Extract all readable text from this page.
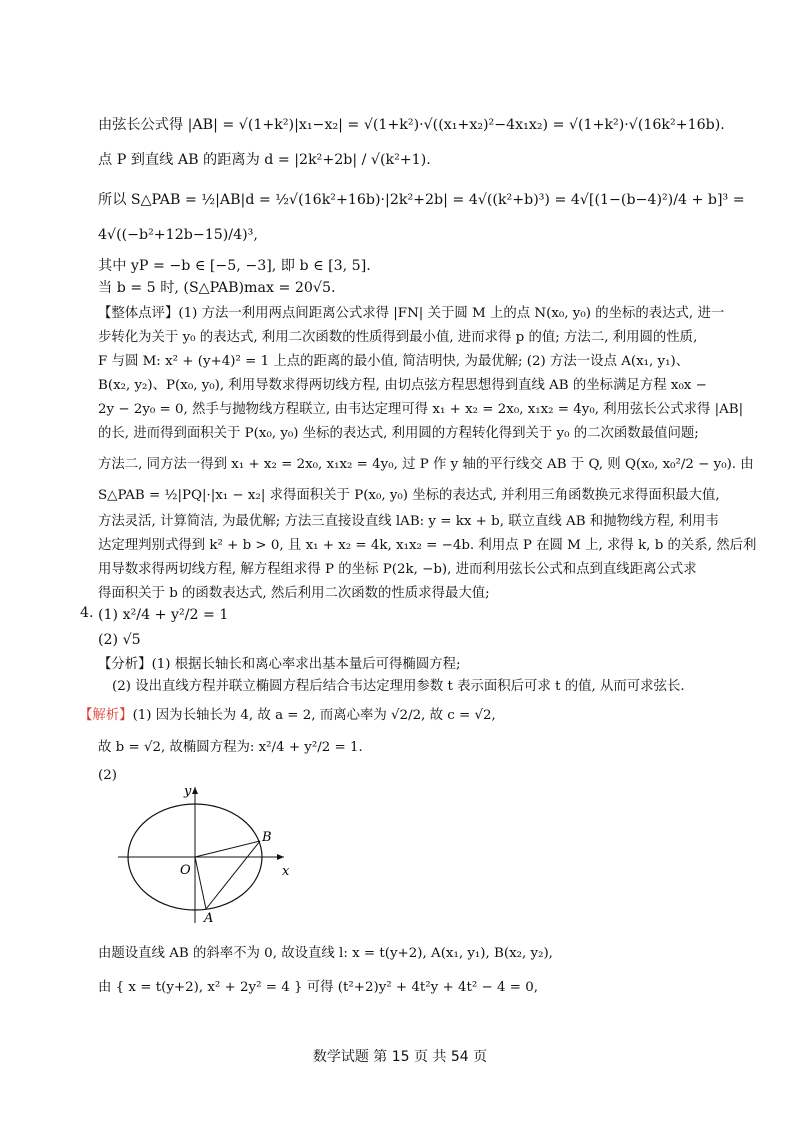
由弦长公式得 |AB| = √(1+k²)|x₁−x₂| = √(1+k²)·√((x₁+x₂)²−4x₁x₂) = √(1+k²)·√(16k²+16b).
点 P 到直线 AB 的距离为 d = |2k²+2b| / √(k²+1).
所以 S△PAB = ½|AB|d = ½√(16k²+16b)·|2k²+2b| = 4√((k²+b)³) = 4√[(1−(b−4)²)/4 + b]³ =
4√((−b²+12b−15)/4)³,
其中 yP = −b ∈ [−5, −3], 即 b ∈ [3, 5].
当 b = 5 时, (S△PAB)max = 20√5.
【整体点评】(1) 方法一利用两点间距离公式求得 |FN| 关于圆 M 上的点 N(x₀, y₀) 的坐标的表达式, 进一
步转化为关于 y₀ 的表达式, 利用二次函数的性质得到最小值, 进而求得 p 的值; 方法二, 利用圆的性质,
F 与圆 M: x² + (y+4)² = 1 上点的距离的最小值, 简洁明快, 为最优解; (2) 方法一设点 A(x₁, y₁)、
B(x₂, y₂)、P(x₀, y₀), 利用导数求得两切线方程, 由切点弦方程思想得到直线 AB 的坐标满足方程 x₀x −
2y − 2y₀ = 0, 然手与抛物线方程联立, 由韦达定理可得 x₁ + x₂ = 2x₀, x₁x₂ = 4y₀, 利用弦长公式求得 |AB|
的长, 进而得到面积关于 P(x₀, y₀) 坐标的表达式, 利用圆的方程转化得到关于 y₀ 的二次函数最值问题;
方法二, 同方法一得到 x₁ + x₂ = 2x₀, x₁x₂ = 4y₀, 过 P 作 y 轴的平行线交 AB 于 Q, 则 Q(x₀, x₀²/2 − y₀). 由
S△PAB = ½|PQ|·|x₁ − x₂| 求得面积关于 P(x₀, y₀) 坐标的表达式, 并利用三角函数换元求得面积最大值,
方法灵活, 计算简洁, 为最优解; 方法三直接设直线 lAB: y = kx + b, 联立直线 AB 和抛物线方程, 利用韦
达定理判别式得到 k² + b > 0, 且 x₁ + x₂ = 4k, x₁x₂ = −4b. 利用点 P 在圆 M 上, 求得 k, b 的关系, 然后利
用导数求得两切线方程, 解方程组求得 P 的坐标 P(2k, −b), 进而利用弦长公式和点到直线距离公式求
得面积关于 b 的函数表达式, 然后利用二次函数的性质求得最大值;
4. (1) x²/4 + y²/2 = 1
(2) √5
【分析】(1) 根据长轴长和离心率求出基本量后可得椭圆方程;
(2) 设出直线方程并联立椭圆方程后结合韦达定理用参数 t 表示面积后可求 t 的值, 从而可求弦长.
【解析】(1) 因为长轴长为 4, 故 a = 2, 而离心率为 √2/2, 故 c = √2,
故 b = √2, 故椭圆方程为: x²/4 + y²/2 = 1.
(2)
y
x
O
A
B
由题设直线 AB 的斜率不为 0, 故设直线 l: x = t(y+2), A(x₁, y₁), B(x₂, y₂),
由 { x = t(y+2), x² + 2y² = 4 } 可得 (t²+2)y² + 4t²y + 4t² − 4 = 0,
数学试题 第 15 页 共 54 页
